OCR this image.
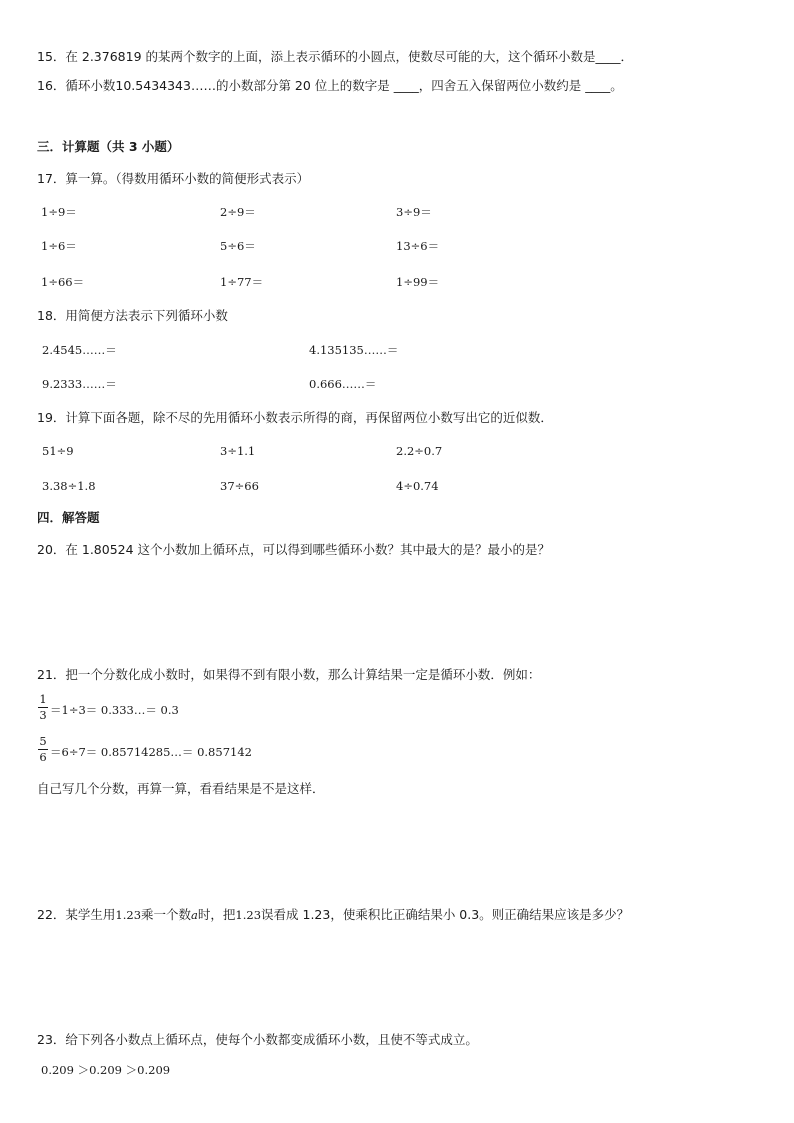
15．在 2.376819 的某两个数字的上面，添上表示循环的小圆点，使数尽可能的大，这个循环小数是____．
16．循环小数10.5434343……的小数部分第 20 位上的数字是 ____，四舍五入保留两位小数约是 ____。
三．计算题（共 3 小题）
17．算一算。（得数用循环小数的简便形式表示）
1÷9＝	2÷9＝	3÷9＝
1÷6＝	5÷6＝	13÷6＝
1÷66＝	1÷77＝	1÷99＝
18．用简便方法表示下列循环小数
2.4545……＝	4.135135……＝
9.2333……＝	0.666……＝
19．计算下面各题，除不尽的先用循环小数表示所得的商，再保留两位小数写出它的近似数．
51÷9	3÷1.1	2.2÷0.7
3.38÷1.8	37÷66	4÷0.74
四．解答题
20．在 1.80524 这个小数加上循环点，可以得到哪些循环小数？其中最大的是？最小的是？
21．把一个分数化成小数时，如果得不到有限小数，那么计算结果一定是循环小数．例如：
1
3 ＝1÷3＝ 0.333…＝ 0.3
5
6 ＝6÷7＝ 0.85714285…＝ 0.857142
自己写几个分数，再算一算，看看结果是不是这样．
22．某学生用1.23乘一个数a时，把1.23误看成 1.23，使乘积比正确结果小 0.3。则正确结果应该是多少？
23．给下列各小数点上循环点，使每个小数都变成循环小数，且使不等式成立。
0.209 ＞0.209 ＞0.209
